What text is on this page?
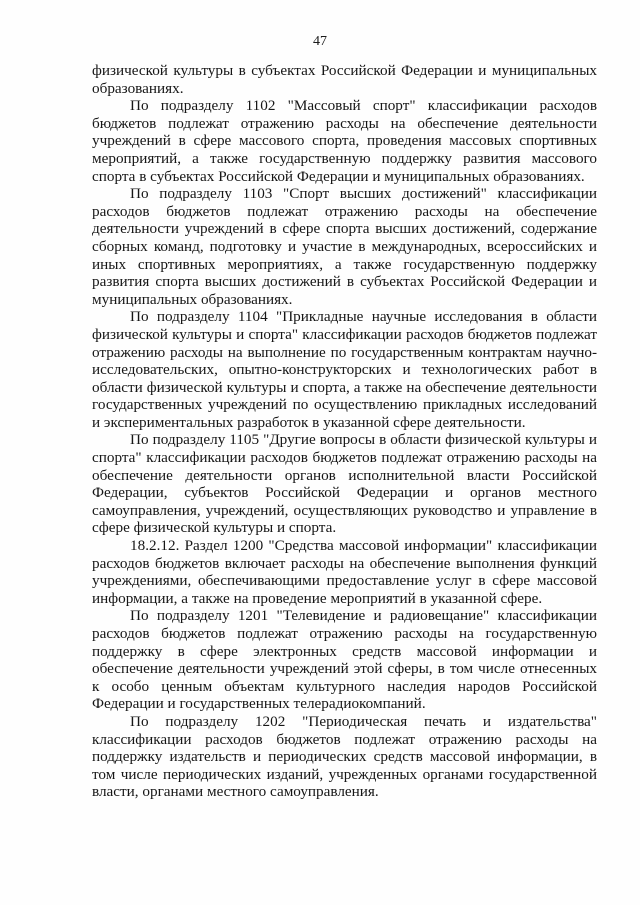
47

физической культуры в субъектах Российской Федерации и муниципальных образованиях.

По подразделу 1102 "Массовый спорт" классификации расходов бюджетов подлежат отражению расходы на обеспечение деятельности учреждений в сфере массового спорта, проведения массовых спортивных мероприятий, а также государственную поддержку развития массового спорта в субъектах Российской Федерации и муниципальных образованиях.

По подразделу 1103 "Спорт высших достижений" классификации расходов бюджетов подлежат отражению расходы на обеспечение деятельности учреждений в сфере спорта высших достижений, содержание сборных команд, подготовку и участие в международных, всероссийских и иных спортивных мероприятиях, а также государственную поддержку развития спорта высших достижений в субъектах Российской Федерации и муниципальных образованиях.

По подразделу 1104 "Прикладные научные исследования в области физической культуры и спорта" классификации расходов бюджетов подлежат отражению расходы на выполнение по государственным контрактам научно-исследовательских, опытно-конструкторских и технологических работ в области физической культуры и спорта, а также на обеспечение деятельности государственных учреждений по осуществлению прикладных исследований и экспериментальных разработок в указанной сфере деятельности.

По подразделу 1105 "Другие вопросы в области физической культуры и спорта" классификации расходов бюджетов подлежат отражению расходы на обеспечение деятельности органов исполнительной власти Российской Федерации, субъектов Российской Федерации и органов местного самоуправления, учреждений, осуществляющих руководство и управление в сфере физической культуры и спорта.

18.2.12. Раздел 1200 "Средства массовой информации" классификации расходов бюджетов включает расходы на обеспечение выполнения функций учреждениями, обеспечивающими предоставление услуг в сфере массовой информации, а также на проведение мероприятий в указанной сфере.

По подразделу 1201 "Телевидение и радиовещание" классификации расходов бюджетов подлежат отражению расходы на государственную поддержку в сфере электронных средств массовой информации и обеспечение деятельности учреждений этой сферы, в том числе отнесенных к особо ценным объектам культурного наследия народов Российской Федерации и государственных телерадиокомпаний.

По подразделу 1202 "Периодическая печать и издательства" классификации расходов бюджетов подлежат отражению расходы на поддержку издательств и периодических средств массовой информации, в том числе периодических изданий, учрежденных органами государственной власти, органами местного самоуправления.
